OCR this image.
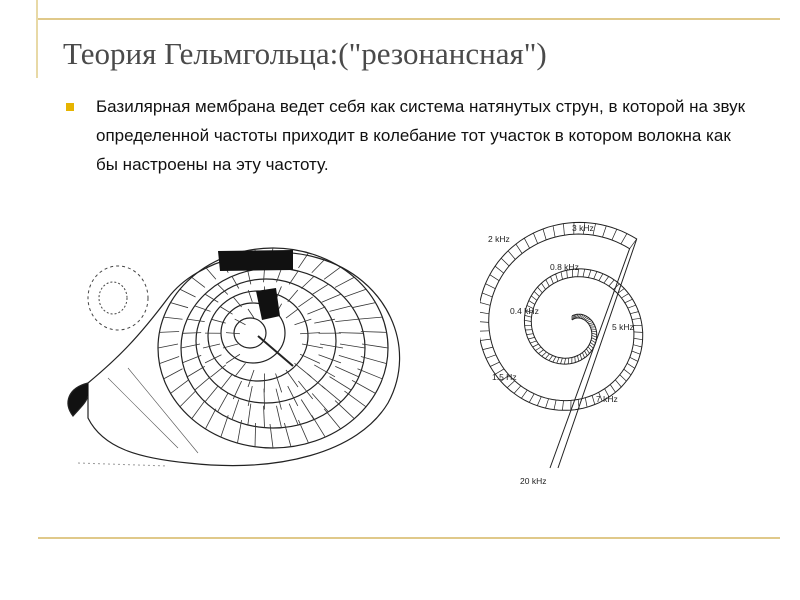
Теория Гельмгольца:("резонансная")
Базилярная мембрана ведет себя как система натянутых струн, в которой на звук определенной частоты приходит в колебание тот участок в котором волокна как бы настроены на эту частоту.
3 kHz
2 kHz
0.8 kHz
0.4 kHz
5 kHz
1.5 Hz
7 kHz
20 kHz
